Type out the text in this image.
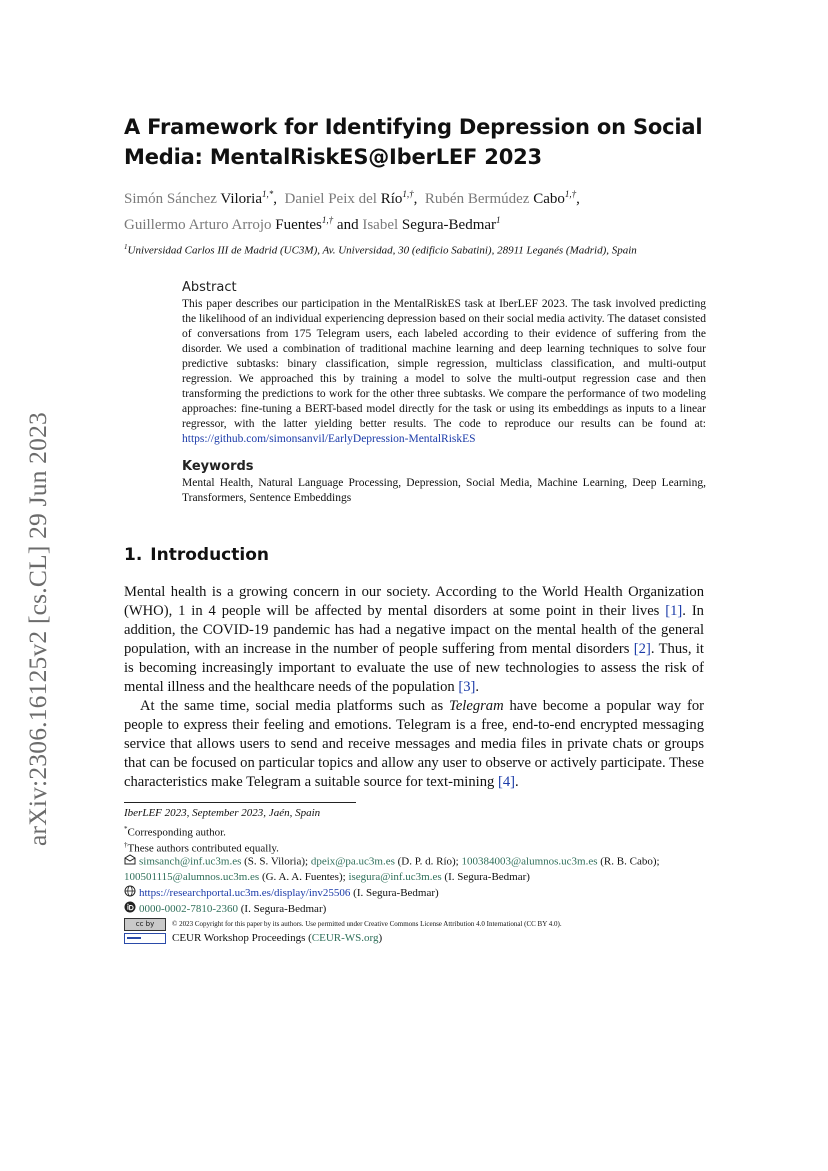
arXiv:2306.16125v2 [cs.CL] 29 Jun 2023
A Framework for Identifying Depression on Social
Media: MentalRiskES@IberLEF 2023
Simón Sánchez Viloria$^{1,*}$,  Daniel Peix del Río$^{1,\dagger}$,  Rubén Bermúdez Cabo$^{1,\dagger}$,
Guillermo Arturo Arrojo Fuentes$^{1,\dagger}$ and Isabel Segura-Bedmar$^1$
$^1$Universidad Carlos III de Madrid (UC3M), Av. Universidad, 30 (edificio Sabatini), 28911 Leganés (Madrid), Spain
Abstract
This paper describes our participation in the MentalRiskES task at IberLEF 2023. The task involved predicting the likelihood of an individual experiencing depression based on their social media activity. The dataset consisted of conversations from 175 Telegram users, each labeled according to their evidence of suffering from the disorder. We used a combination of traditional machine learning and deep learning techniques to solve four predictive subtasks: binary classification, simple regression, multiclass classification, and multi-output regression. We approached this by training a model to solve the multi-output regression case and then transforming the predictions to work for the other three subtasks. We compare the performance of two modeling approaches: fine-tuning a BERT-based model directly for the task or using its embeddings as inputs to a linear regressor, with the latter yielding better results. The code to reproduce our results can be found at: https://github.com/simonsanvil/EarlyDepression-MentalRiskES
Keywords
Mental Health, Natural Language Processing, Depression, Social Media, Machine Learning, Deep Learning, Transformers, Sentence Embeddings
1. Introduction
Mental health is a growing concern in our society. According to the World Health Organization (WHO), 1 in 4 people will be affected by mental disorders at some point in their lives [1]. In addition, the COVID-19 pandemic has had a negative impact on the mental health of the general population, with an increase in the number of people suffering from mental disorders [2]. Thus, it is becoming increasingly important to evaluate the use of new technologies to assess the risk of mental illness and the healthcare needs of the population [3].
At the same time, social media platforms such as Telegram have become a popular way for people to express their feeling and emotions. Telegram is a free, end-to-end encrypted messaging service that allows users to send and receive messages and media files in private chats or groups that can be focused on particular topics and allow any user to observe or actively participate. These characteristics make Telegram a suitable source for text-mining [4].
IberLEF 2023, September 2023, Jaén, Spain
*Corresponding author.
†These authors contributed equally.
simsanch@inf.uc3m.es (S. S. Viloria); dpeix@pa.uc3m.es (D. P. d. Río); 100384003@alumnos.uc3m.es (R. B. Cabo);
100501115@alumnos.uc3m.es (G. A. A. Fuentes); isegura@inf.uc3m.es (I. Segura-Bedmar)
https://researchportal.uc3m.es/display/inv25506 (I. Segura-Bedmar)
0000-0002-7810-2360 (I. Segura-Bedmar)
cc by	© 2023 Copyright for this paper by its authors. Use permitted under Creative Commons License Attribution 4.0 International (CC BY 4.0).
CEUR Workshop Proceedings (CEUR-WS.org)
